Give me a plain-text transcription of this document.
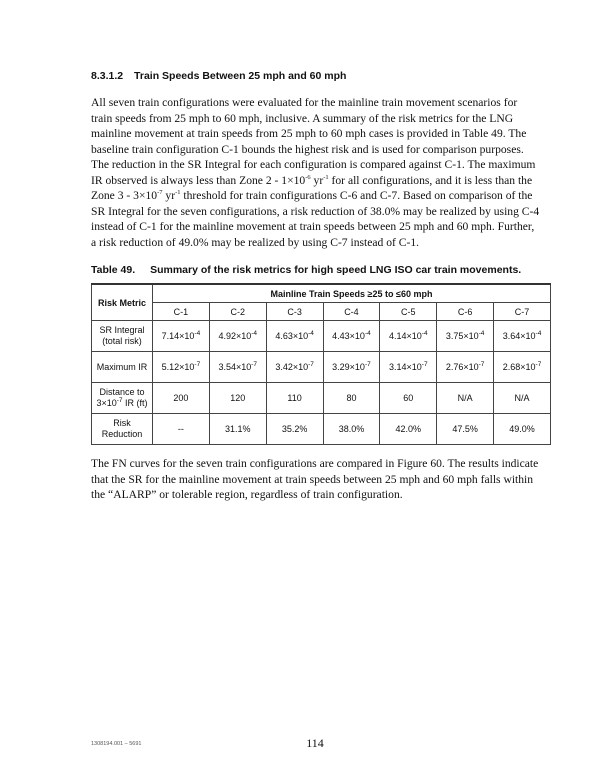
8.3.1.2 Train Speeds Between 25 mph and 60 mph

All seven train configurations were evaluated for the mainline train movement scenarios for train speeds from 25 mph to 60 mph, inclusive. A summary of the risk metrics for the LNG mainline movement at train speeds from 25 mph to 60 mph cases is provided in Table 49. The baseline train configuration C-1 bounds the highest risk and is used for comparison purposes. The reduction in the SR Integral for each configuration is compared against C-1. The maximum IR observed is always less than Zone $2 - 1\times 10^{-6}$ $yr^{-1}$ for all configurations, and it is less than the Zone $3 - 3\times 10^{-7}$ $yr^{-1}$ threshold for train configurations C-6 and C-7. Based on comparison of the SR Integral for the seven configurations, a risk reduction of 38.0% may be realized by using C-4 instead of C-1 for the mainline movement at train speeds between 25 mph and 60 mph. Further, a risk reduction of 49.0% may be realized by using C-7 instead of C-1.

Table 49. Summary of the risk metrics for high speed LNG ISO car train movements.
Risk Metric	Mainline Train Speeds ≥25 to ≤60 mph						
	C-1	C-2	C-3	C-4	C-5	C-6	C-7
SR Integral
(total risk)	$7.14\times 10^{-4}$	$4.92\times 10^{-4}$	$4.63\times 10^{-4}$	$4.43\times 10^{-4}$	$4.14\times 10^{-4}$	$3.75\times 10^{-4}$	$3.64\times 10^{-4}$
Maximum IR	$5.12\times 10^{-7}$	$3.54\times 10^{-7}$	$3.42\times 10^{-7}$	$3.29\times 10^{-7}$	$3.14\times 10^{-7}$	$2.76\times 10^{-7}$	$2.68\times 10^{-7}$
Distance to
$3\times 10^{-7}$ IR (ft)	200	120	110	80	60	N/A	N/A
Risk
Reduction	--	31.1%	35.2%	38.0%	42.0%	47.5%	49.0%

The FN curves for the seven train configurations are compared in Figure 60. The results indicate that the SR for the mainline movement at train speeds between 25 mph and 60 mph falls within the “ALARP” or tolerable region, regardless of train configuration.

1308194.001 – 5691	114
